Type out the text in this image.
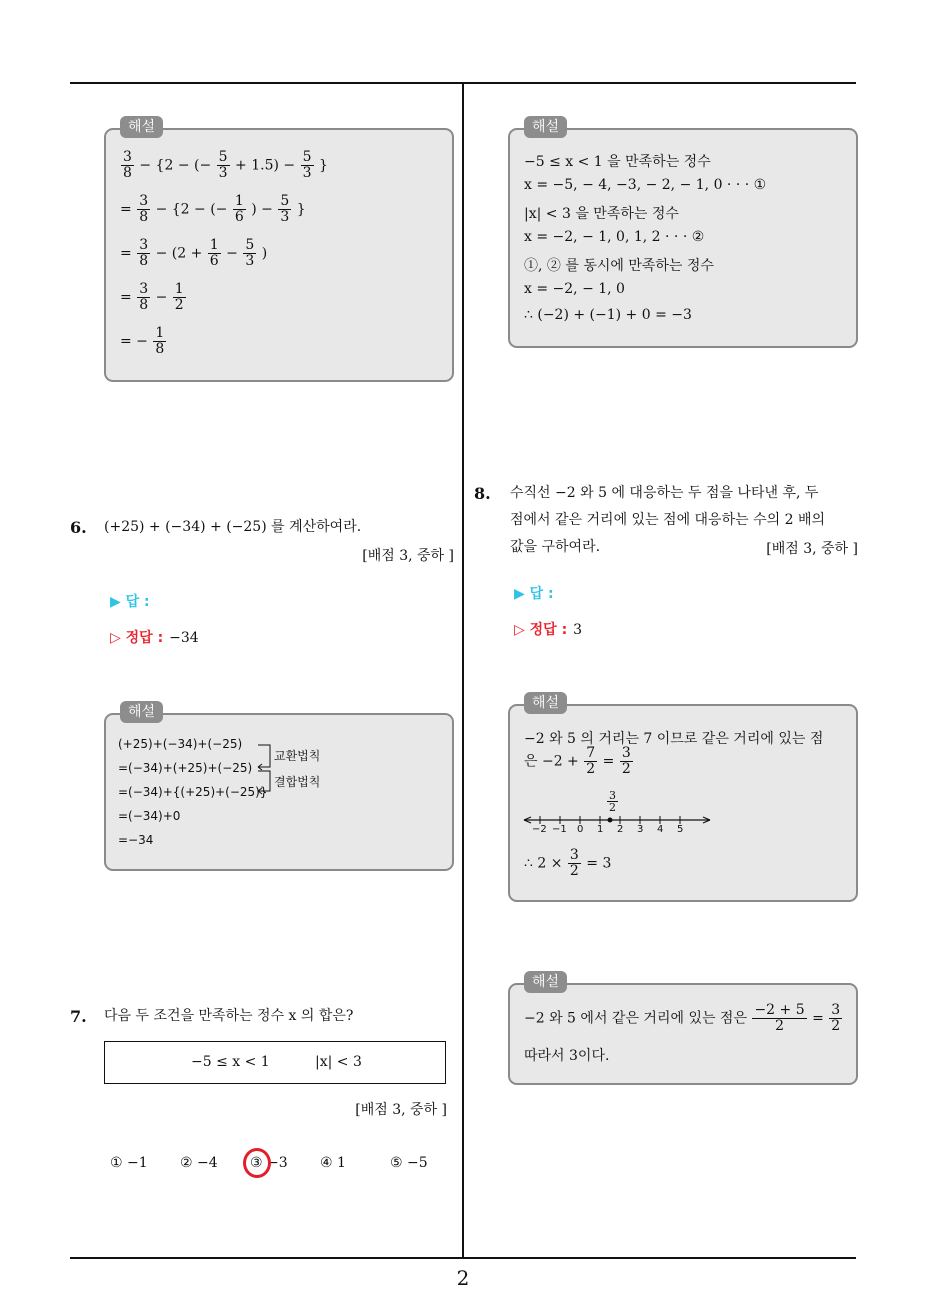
2
해설
$\frac{3}{8} - \{2$ − (− $\frac{5}{3} + 1.5) - \frac{5}{3}$ }
= $\frac{3}{8} - \{2$ − (− $\frac{1}{6}$ ) − $\frac{5}{3}$ }
= $\frac{3}{8} - (2 + \frac{1}{6} - \frac{5}{3}$ )
= $\frac{3}{8} - \frac{1}{2}$
= − $\frac{1}{8}$
6. (+25) + (−34) + (−25) 를 계산하여라.
[배점 3, 중하 ]
▶ 답 :
▷ 정답 : −34
해설
(+25)+(−34)+(−25)
=(−34)+(+25)+(−25)
=(−34)+{(+25)+(−25)}
=(−34)+0
=−34
교환법칙
결합법칙
7. 다음 두 조건을 만족하는 정수 x 의 합은?
−5 ≤ x < 1	|x| < 3
[배점 3, 중하 ]
① −1 ② −4 ③ −3 ④ 1	⑤ −5
해설
−5 ≤ x < 1 을 만족하는 정수
x = −5, − 4, −3, − 2, − 1, 0 · · · ①
|x| < 3 을 만족하는 정수
x = −2, − 1, 0, 1, 2 · · · ②
①, ② 를 동시에 만족하는 정수
x = −2, − 1, 0
∴ (−2) + (−1) + 0 = −3
8. 수직선 −2 와 5 에 대응하는 두 점을 나타낸 후, 두
점에서 같은 거리에 있는 점에 대응하는 수의 2 배의
값을 구하여라.	[배점 3, 중하 ]
▶ 답 :
▷ 정답 : 3
해설
−2 와 5 의 거리는 7 이므로 같은 거리에 있는 점
은 $-2 + \frac{7}{2} = \frac{3}{2}$
$\frac{3}{2}$
−2 −1 0 1 2 3 4 5
∴ $2 \times \frac{3}{2} = 3$
해설
−2 와 5 에서 같은 거리에 있는 점은 $\frac{-2 + 5}{2} = \frac{3}{2}$
따라서 3이다.
